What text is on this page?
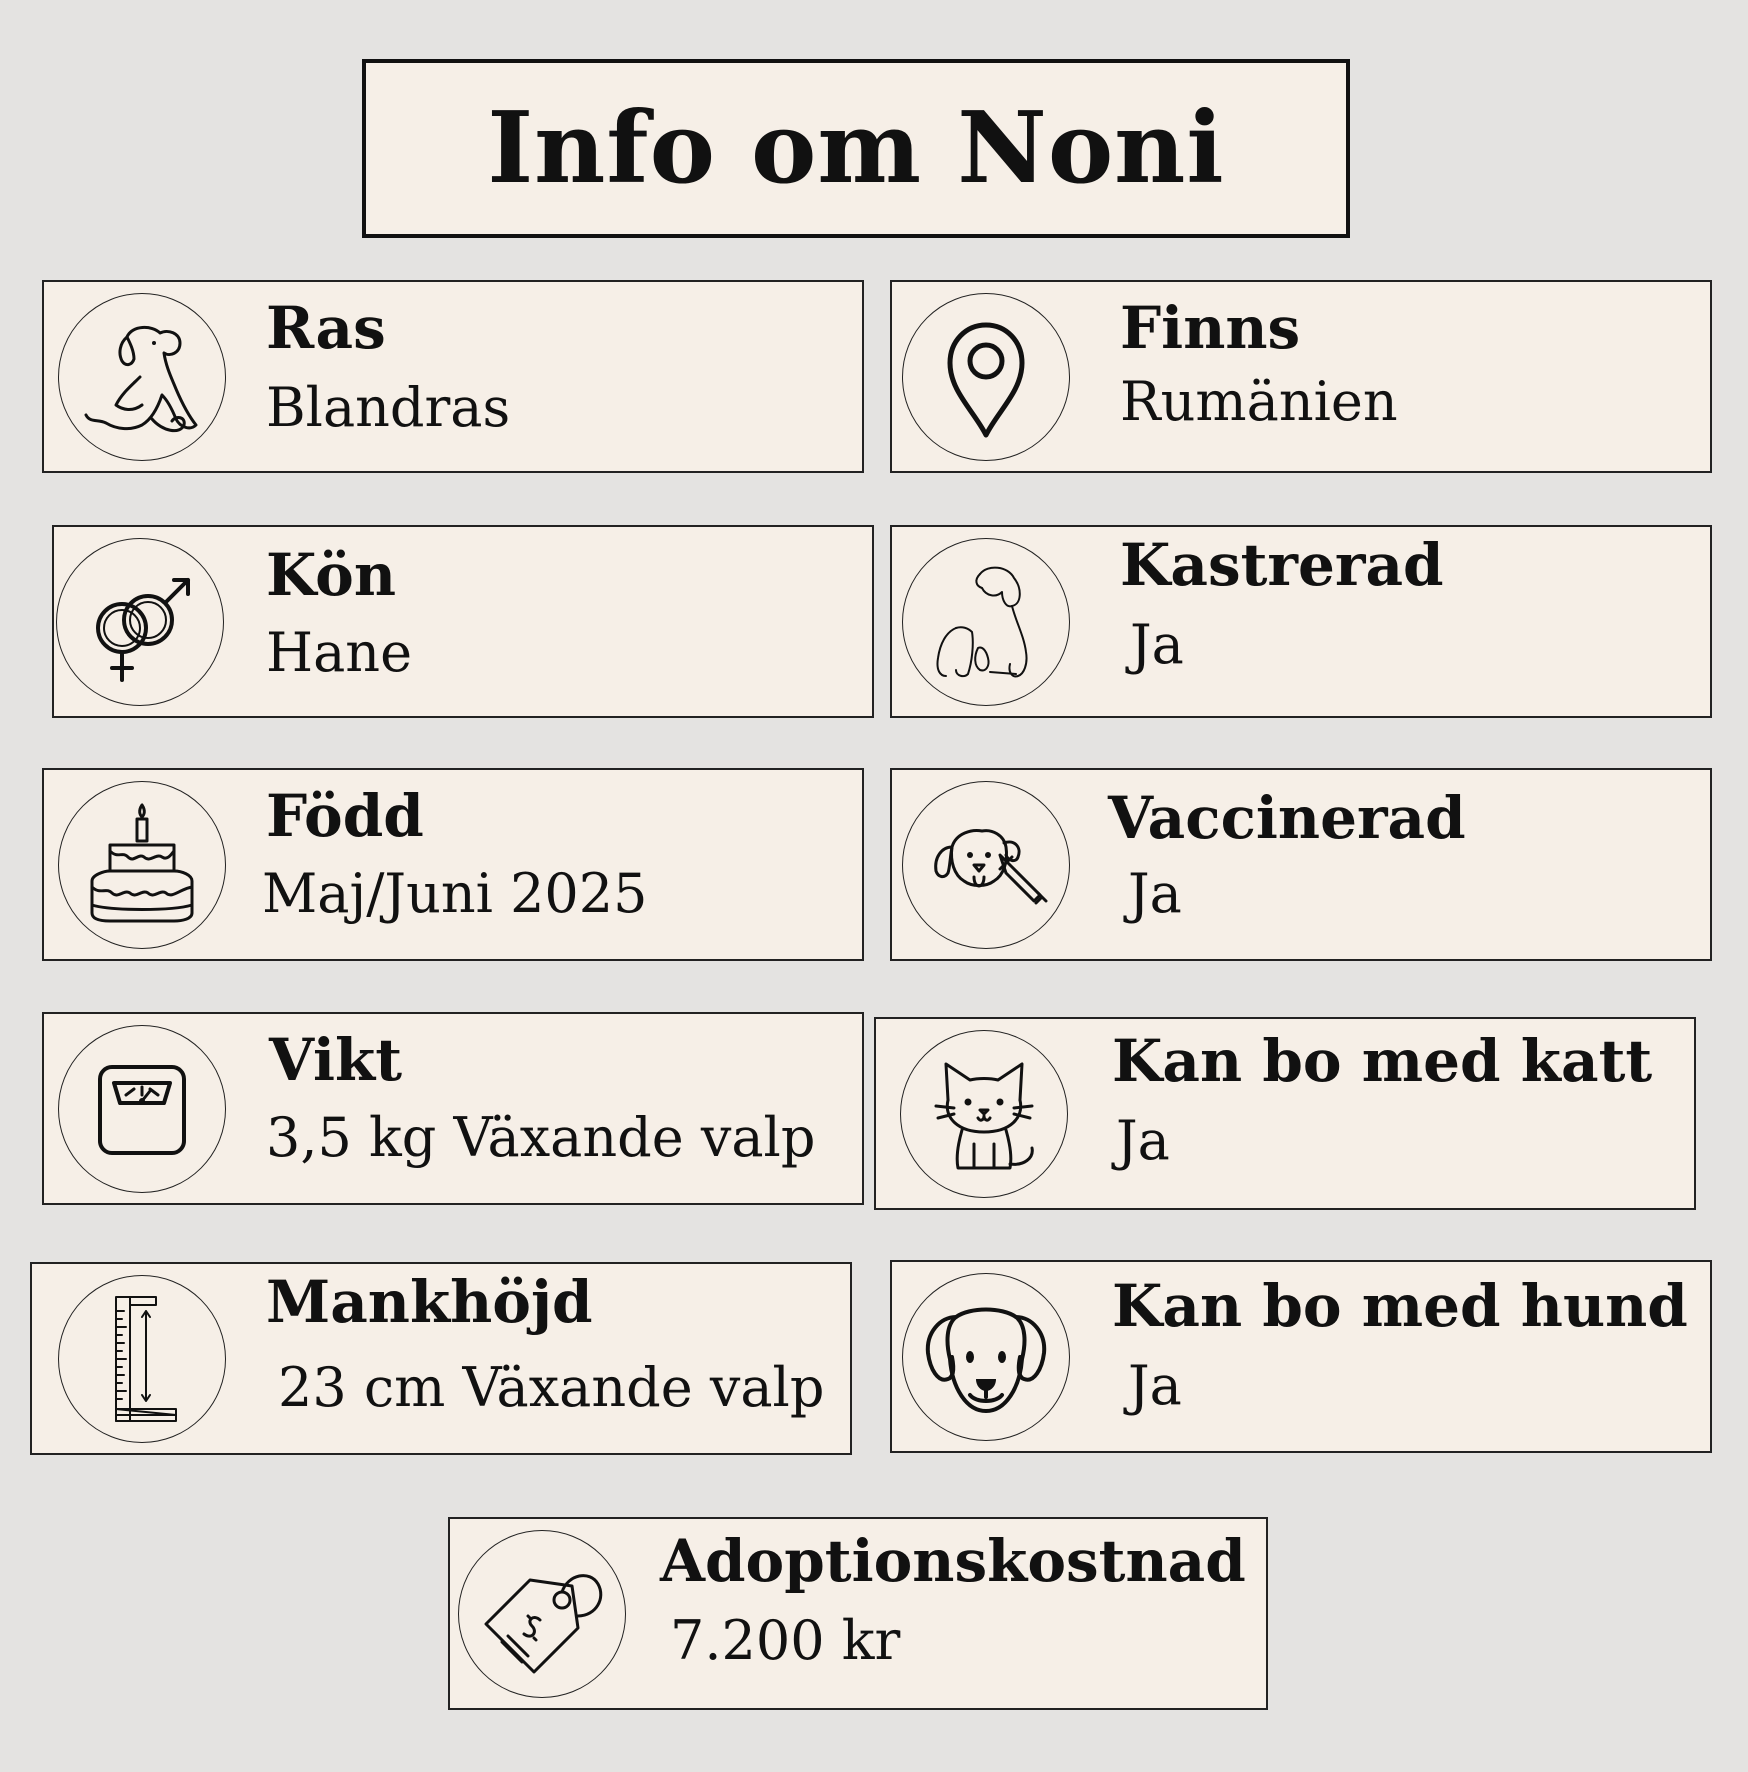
Info om Noni
Ras
Blandras
Finns
Rumänien
Kön
Hane
Kastrerad
Ja
Född
Maj/Juni 2025
Vaccinerad
Ja
Vikt
3,5 kg Växande valp
Kan bo med katt
Ja
Mankhöjd
23 cm Växande valp
Kan bo med hund
Ja
Adoptionskostnad
7.200 kr
